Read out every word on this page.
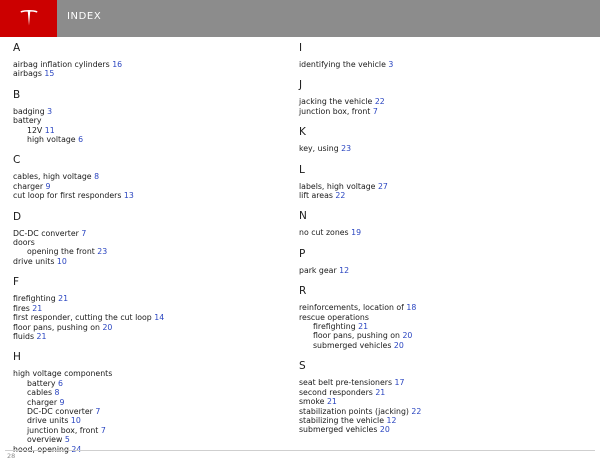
INDEX
A
airbag inflation cylinders 16
airbags 15
B
badging 3
battery
12V 11
high voltage 6
C
cables, high voltage 8
charger 9
cut loop for first responders 13
D
DC-DC converter 7
doors
opening the front 23
drive units 10
F
firefighting 21
fires 21
first responder, cutting the cut loop 14
floor pans, pushing on 20
fluids 21
H
high voltage components
battery 6
cables 8
charger 9
DC-DC converter 7
drive units 10
junction box, front 7
overview 5
I
identifying the vehicle 3
J
jacking the vehicle 22
junction box, front 7
K
key, using 23
L
labels, high voltage 27
lift areas 22
N
no cut zones 19
P
park gear 12
R
reinforcements, location of 18
rescue operations
firefighting 21
floor pans, pushing on 20
submerged vehicles 20
S
seat belt pre-tensioners 17
second responders 21
smoke 21
stabilization points (jacking) 22
stabilizing the vehicle 12
submerged vehicles 20
28
